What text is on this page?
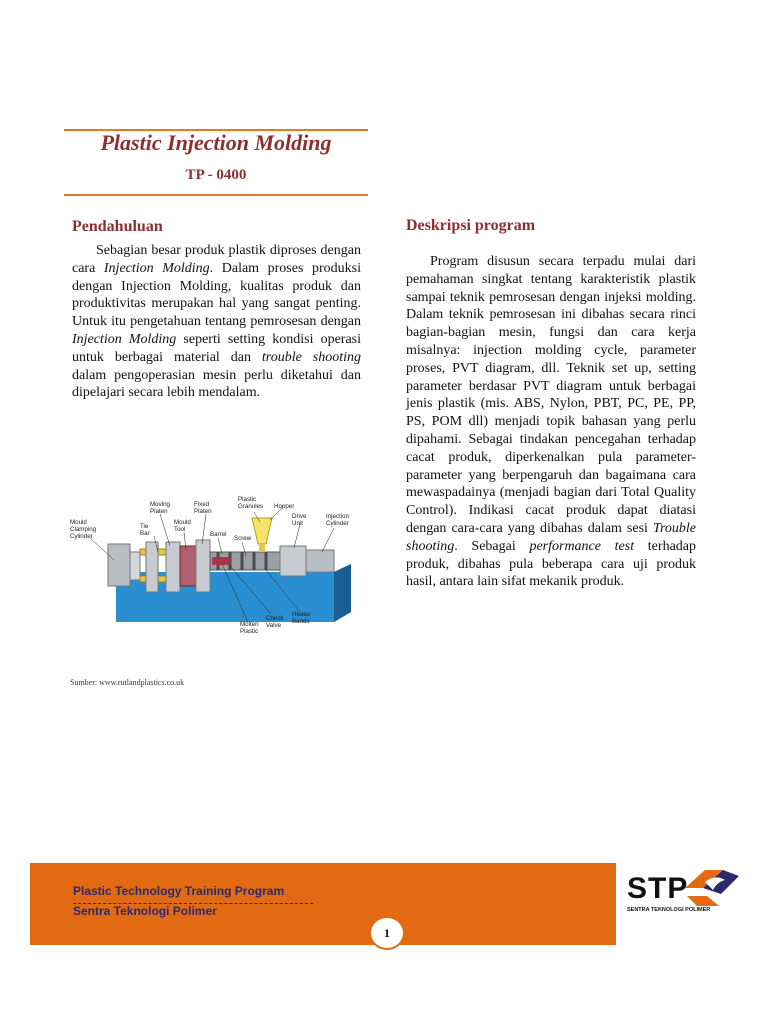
Plastic Injection Molding
TP - 0400
Pendahuluan

Sebagian besar produk plastik diproses dengan cara Injection Molding. Dalam proses produksi dengan Injection Molding, kualitas produk dan produktivitas merupakan hal yang sangat penting. Untuk itu pengetahuan tentang pemrosesan dengan Injection Molding seperti setting kondisi operasi untuk berbagai material dan trouble shooting dalam pengoperasian mesin perlu diketahui dan dipelajari secara lebih mendalam.

Mould Clamping Cylinder
Tie Bar
Moving Platen
Mould Tool
Fixed Platen
Barrel
Plastic Granules Hopper
Screw
Drive Unit
Injection Cylinder
Molten Plastic
Check Valve
Heater Bands
Sumber: www.rutlandplastics.co.uk
Deskripsi program

Program disusun secara terpadu mulai dari pemahaman singkat tentang karakteristik plastik sampai teknik pemrosesan dengan injeksi molding. Dalam teknik pemrosesan ini dibahas secara rinci bagian-bagian mesin, fungsi dan cara kerja misalnya: injection molding cycle, parameter proses, PVT diagram, dll. Teknik set up, setting parameter berdasar PVT diagram untuk berbagai jenis plastik (mis. ABS, Nylon, PBT, PC, PE, PP, PS, POM dll) menjadi topik bahasan yang perlu dipahami. Sebagai tindakan pencegahan terhadap cacat produk, diperkenalkan pula parameter-parameter yang berpengaruh dan bagaimana cara mewaspadainya (menjadi bagian dari Total Quality Control). Indikasi cacat produk dapat diatasi dengan cara-cara yang dibahas dalam sesi Trouble shooting. Sebagai performance test terhadap produk, dibahas pula beberapa cara uji produk hasil, antara lain sifat mekanik produk.

Plastic Technology Training Program
Sentra Teknologi Polimer
1
STP
SENTRA TEKNOLOGI POLIMER
